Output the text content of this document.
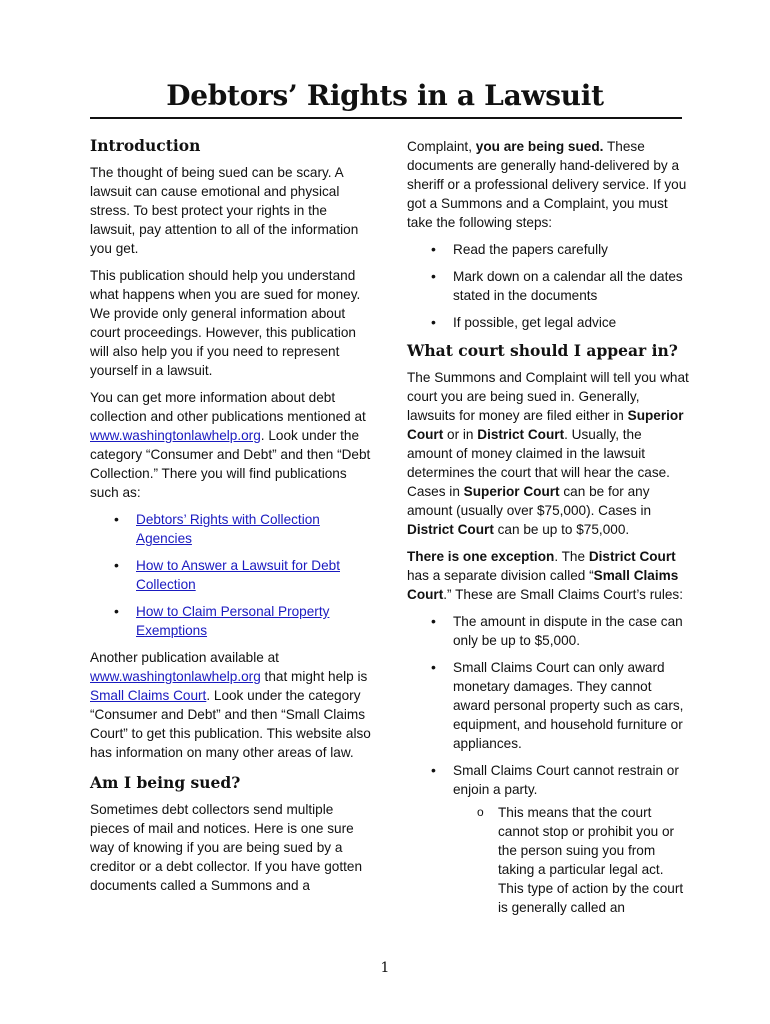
Debtors’ Rights in a Lawsuit
Introduction

The thought of being sued can be scary. A lawsuit can cause emotional and physical stress. To best protect your rights in the lawsuit, pay attention to all of the information you get.

This publication should help you understand what happens when you are sued for money. We provide only general information about court proceedings. However, this publication will also help you if you need to represent yourself in a lawsuit.

You can get more information about debt collection and other publications mentioned at www.washingtonlawhelp.org. Look under the category “Consumer and Debt” and then “Debt Collection.” There you will find publications such as:

• Debtors’ Rights with Collection Agencies
• How to Answer a Lawsuit for Debt Collection
• How to Claim Personal Property Exemptions

Another publication available at www.washingtonlawhelp.org that might help is Small Claims Court. Look under the category “Consumer and Debt” and then “Small Claims Court” to get this publication. This website also has information on many other areas of law.

Am I being sued?

Sometimes debt collectors send multiple pieces of mail and notices. Here is one sure way of knowing if you are being sued by a creditor or a debt collector. If you have gotten documents called a Summons and a

Complaint, you are being sued. These documents are generally hand-delivered by a sheriff or a professional delivery service. If you got a Summons and a Complaint, you must take the following steps:

• Read the papers carefully
• Mark down on a calendar all the dates stated in the documents
• If possible, get legal advice
What court should I appear in?

The Summons and Complaint will tell you what court you are being sued in. Generally, lawsuits for money are filed either in Superior Court or in District Court. Usually, the amount of money claimed in the lawsuit determines the court that will hear the case. Cases in Superior Court can be for any amount (usually over $75,000). Cases in District Court can be up to $75,000.

There is one exception. The District Court has a separate division called “Small Claims Court.” These are Small Claims Court’s rules:

• The amount in dispute in the case can only be up to $5,000.
• Small Claims Court can only award monetary damages. They cannot award personal property such as cars, equipment, and household furniture or appliances.
• Small Claims Court cannot restrain or enjoin a party.
o This means that the court cannot stop or prohibit you or the person suing you from taking a particular legal act. This type of action by the court is generally called an
1
